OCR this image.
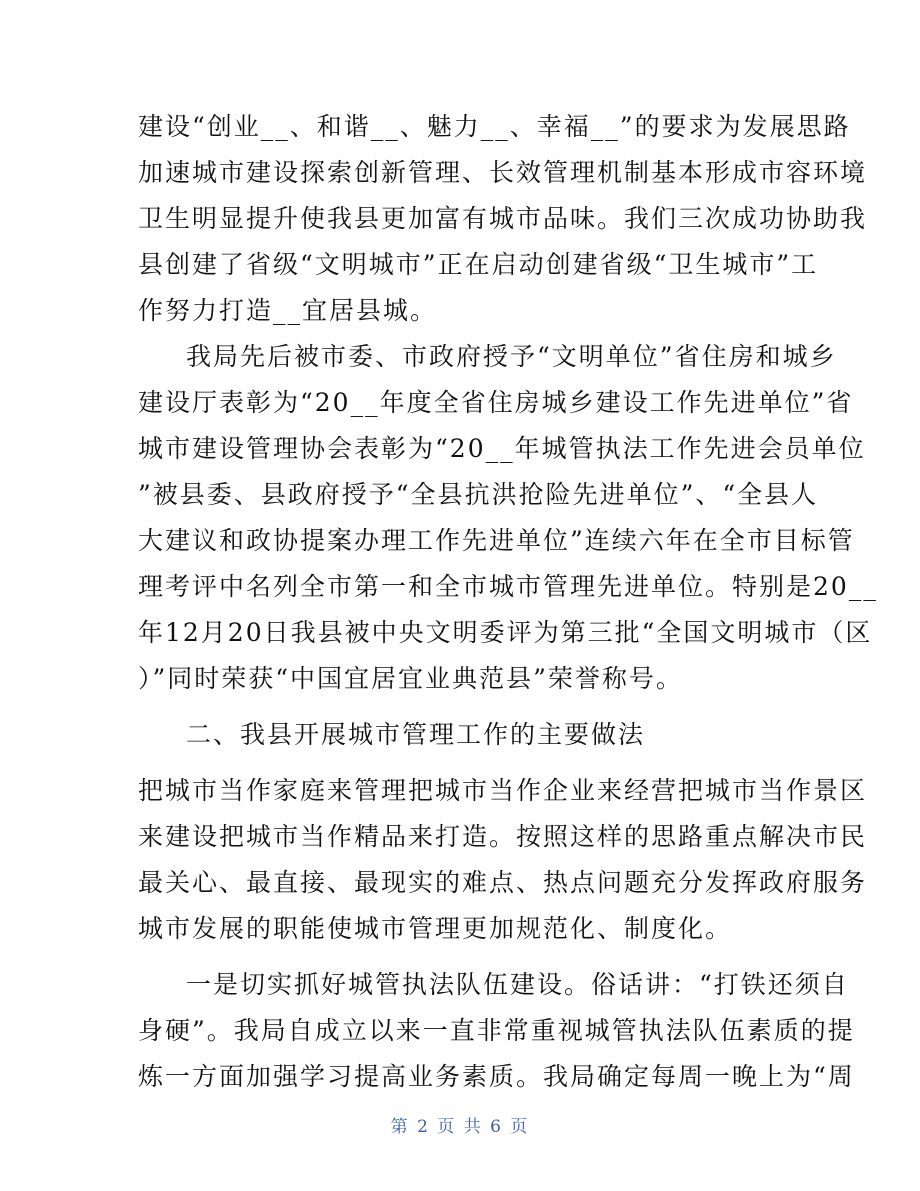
建设“创业__、和谐__、魅力__、幸福__”的要求为发展思路
加速城市建设探索创新管理、长效管理机制基本形成市容环境
卫生明显提升使我县更加富有城市品味。我们三次成功协助我
县创建了省级“文明城市”正在启动创建省级“卫生城市”工
作努力打造__宜居县城。
我局先后被市委、市政府授予“文明单位”省住房和城乡
建设厅表彰为“20__年度全省住房城乡建设工作先进单位”省
城市建设管理协会表彰为“20__年城管执法工作先进会员单位
”被县委、县政府授予“全县抗洪抢险先进单位”、“全县人
大建议和政协提案办理工作先进单位”连续六年在全市目标管
理考评中名列全市第一和全市城市管理先进单位。特别是20__
年12月20日我县被中央文明委评为第三批“全国文明城市（区
）”同时荣获“中国宜居宜业典范县”荣誉称号。
二、我县开展城市管理工作的主要做法
把城市当作家庭来管理把城市当作企业来经营把城市当作景区
来建设把城市当作精品来打造。按照这样的思路重点解决市民
最关心、最直接、最现实的难点、热点问题充分发挥政府服务
城市发展的职能使城市管理更加规范化、制度化。
一是切实抓好城管执法队伍建设。俗话讲：“打铁还须自
身硬”。我局自成立以来一直非常重视城管执法队伍素质的提
炼一方面加强学习提高业务素质。我局确定每周一晚上为“周
第 2 页 共 6 页
